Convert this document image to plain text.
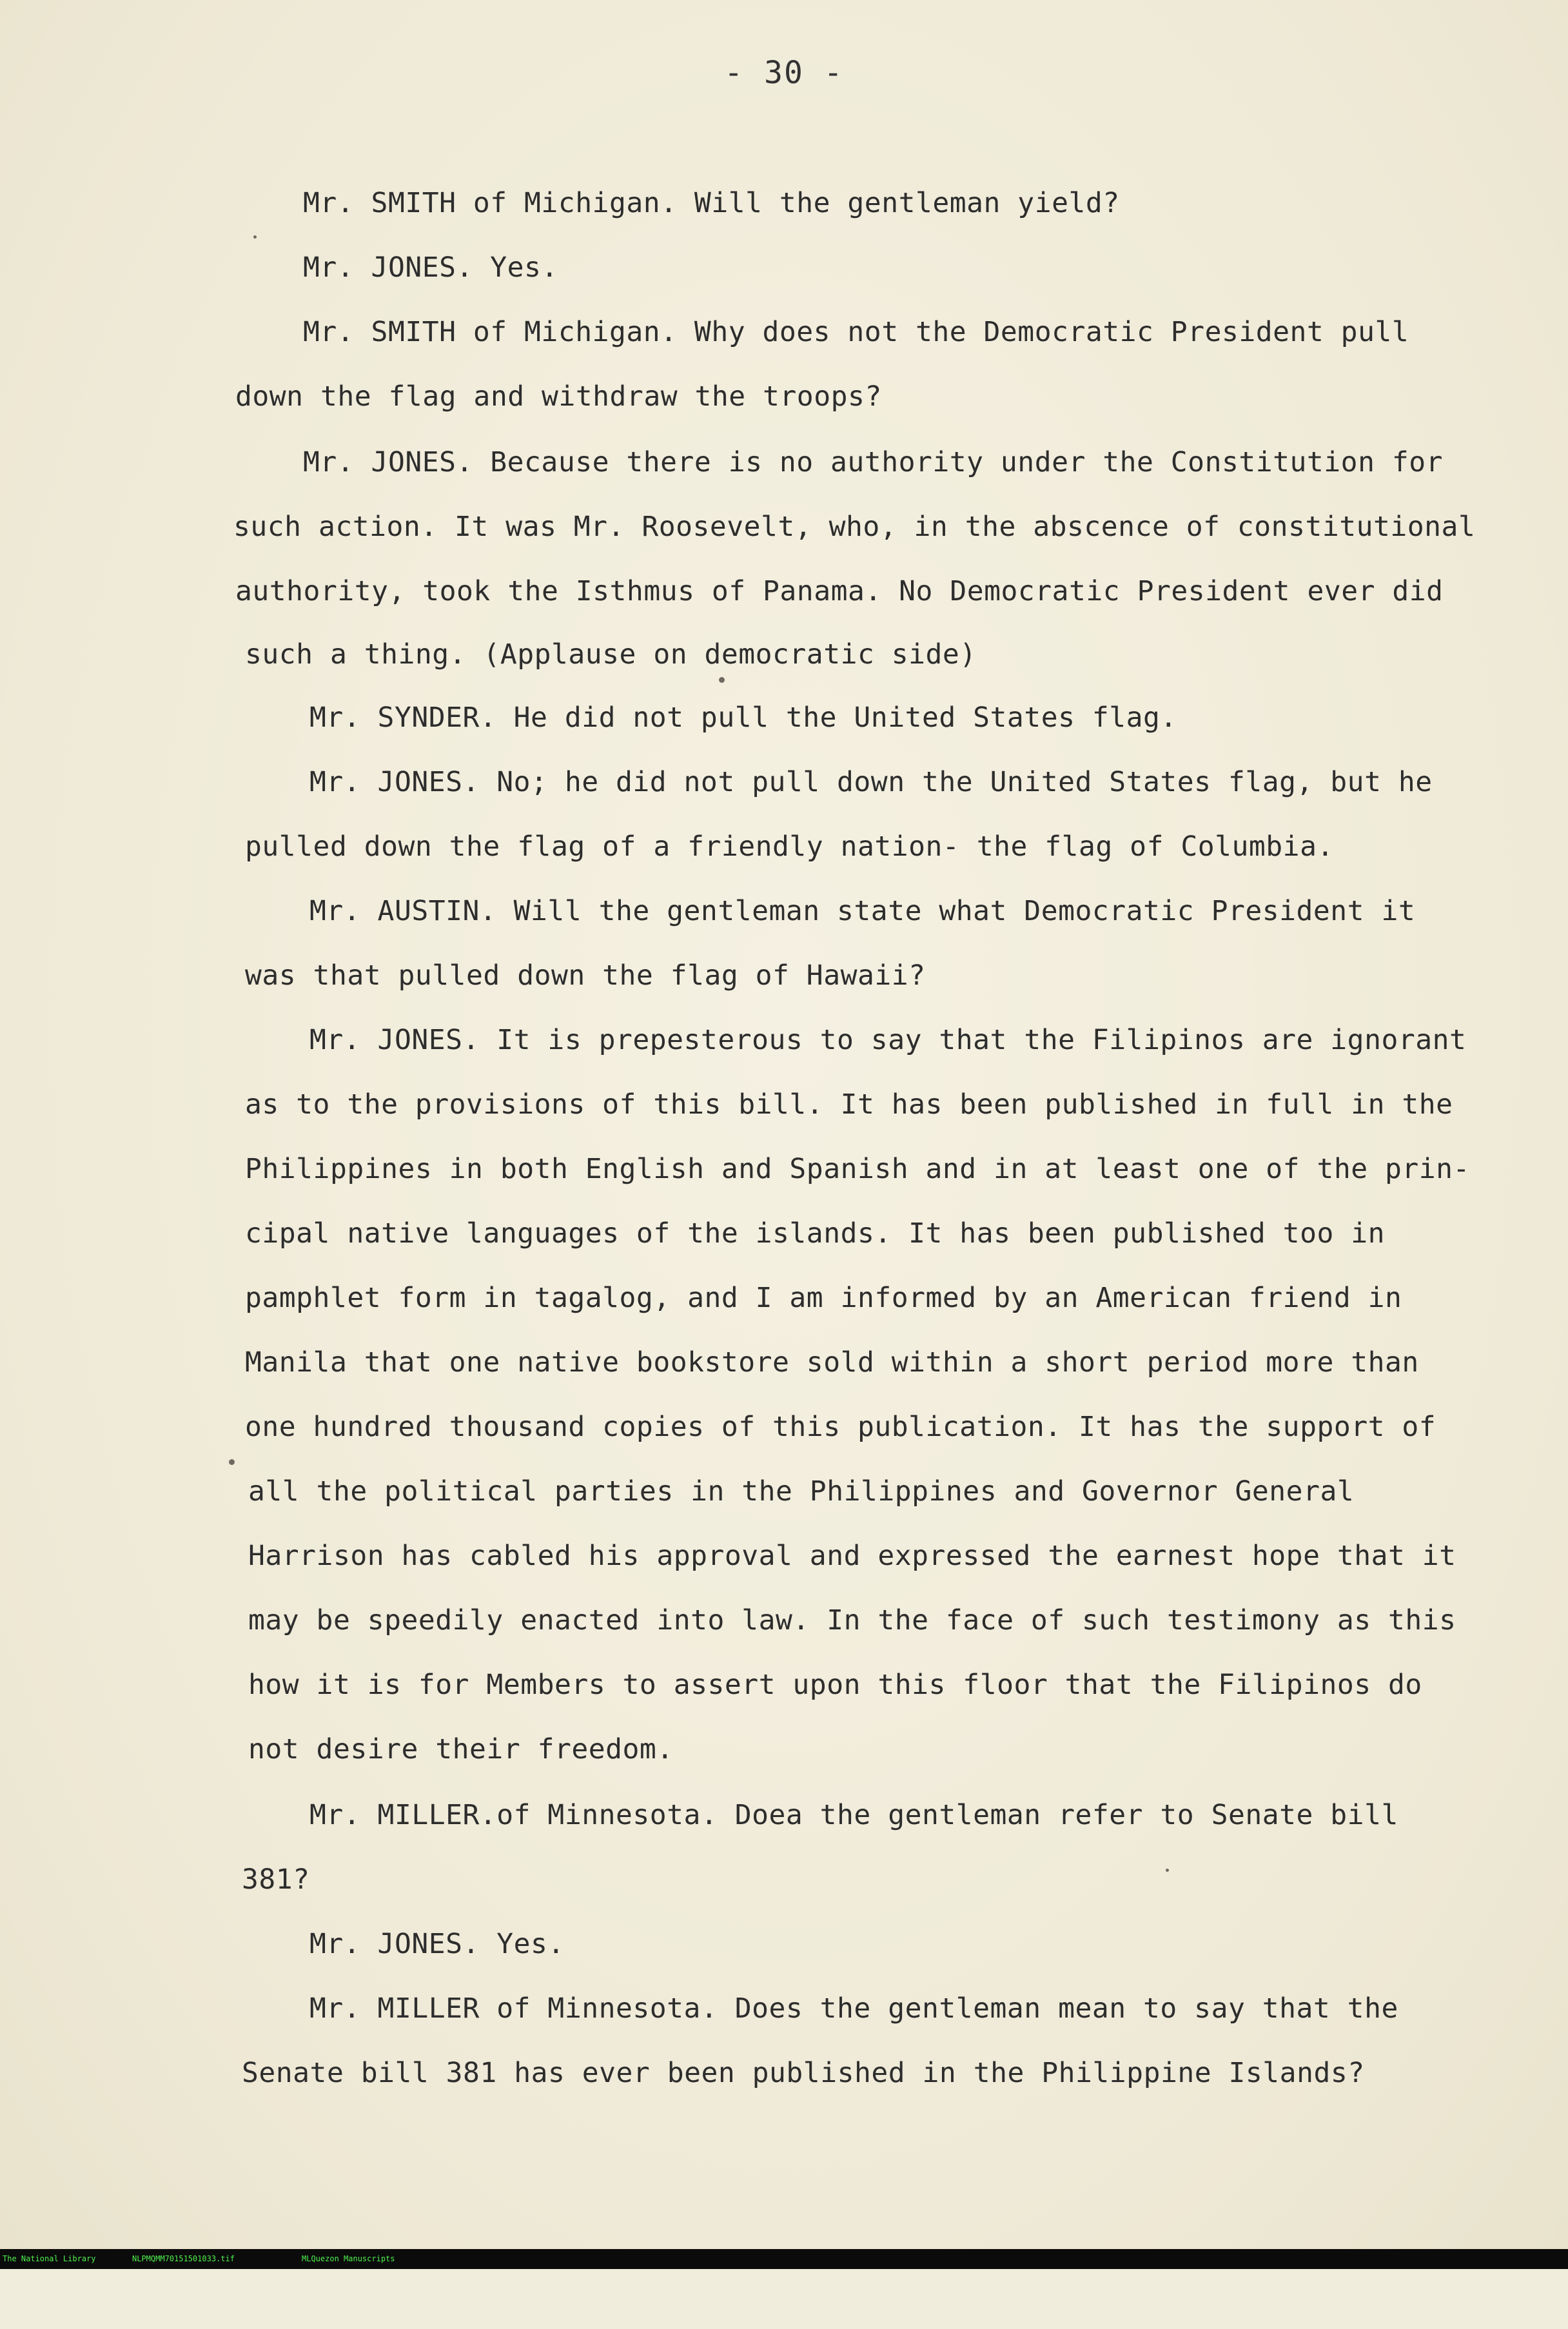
- 30 -
Mr. SMITH of Michigan. Will the gentleman yield?
Mr. JONES. Yes.
Mr. SMITH of Michigan. Why does not the Democratic President pull
down the flag and withdraw the troops?
Mr. JONES. Because there is no authority under the Constitution for
such action. It was Mr. Roosevelt, who, in the abscence of constitutional
authority, took the Isthmus of Panama. No Democratic President ever did
such a thing. (Applause on democratic side)
Mr. SYNDER. He did not pull the United States flag.
Mr. JONES. No; he did not pull down the United States flag, but he
pulled down the flag of a friendly nation- the flag of Columbia.
Mr. AUSTIN. Will the gentleman state what Democratic President it
was that pulled down the flag of Hawaii?
Mr. JONES. It is prepesterous to say that the Filipinos are ignorant
as to the provisions of this bill. It has been published in full in the
Philippines in both English and Spanish and in at least one of the prin-
cipal native languages of the islands. It has been published too in
pamphlet form in tagalog, and I am informed by an American friend in
Manila that one native bookstore sold within a short period more than
one hundred thousand copies of this publication. It has the support of
all the political parties in the Philippines and Governor General
Harrison has cabled his approval and expressed the earnest hope that it
may be speedily enacted into law. In the face of such testimony as this
how it is for Members to assert upon this floor that the Filipinos do
not desire their freedom.
Mr. MILLER.of Minnesota. Doea the gentleman refer to Senate bill
381?
Mr. JONES. Yes.
Mr. MILLER of Minnesota. Does the gentleman mean to say that the
Senate bill 381 has ever been published in the Philippine Islands?

The National Library

	NLPMQMM70151501033.tif

	MLQuezon Manuscripts
